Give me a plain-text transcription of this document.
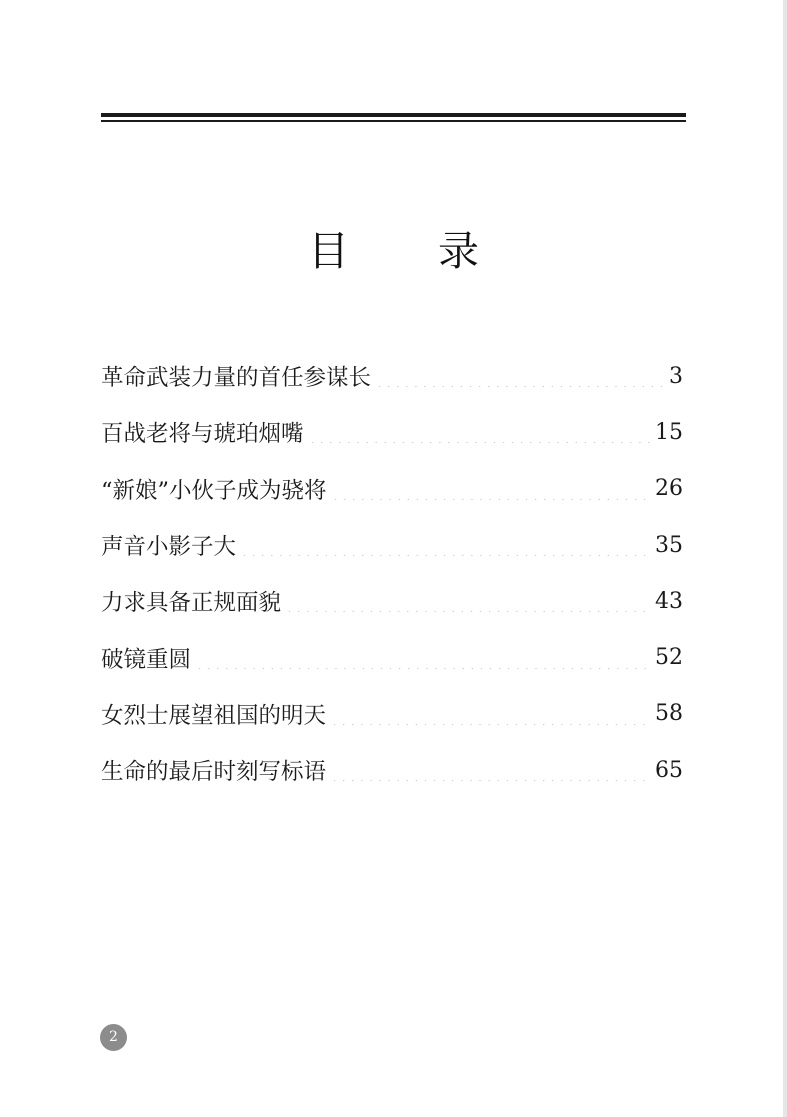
目 录
革命武装力量的首任参谋长	3
百战老将与琥珀烟嘴	15
“新娘”小伙子成为骁将	26
声音小影子大	35
力求具备正规面貌	43
破镜重圆	52
女烈士展望祖国的明天	58
生命的最后时刻写标语	65
2
